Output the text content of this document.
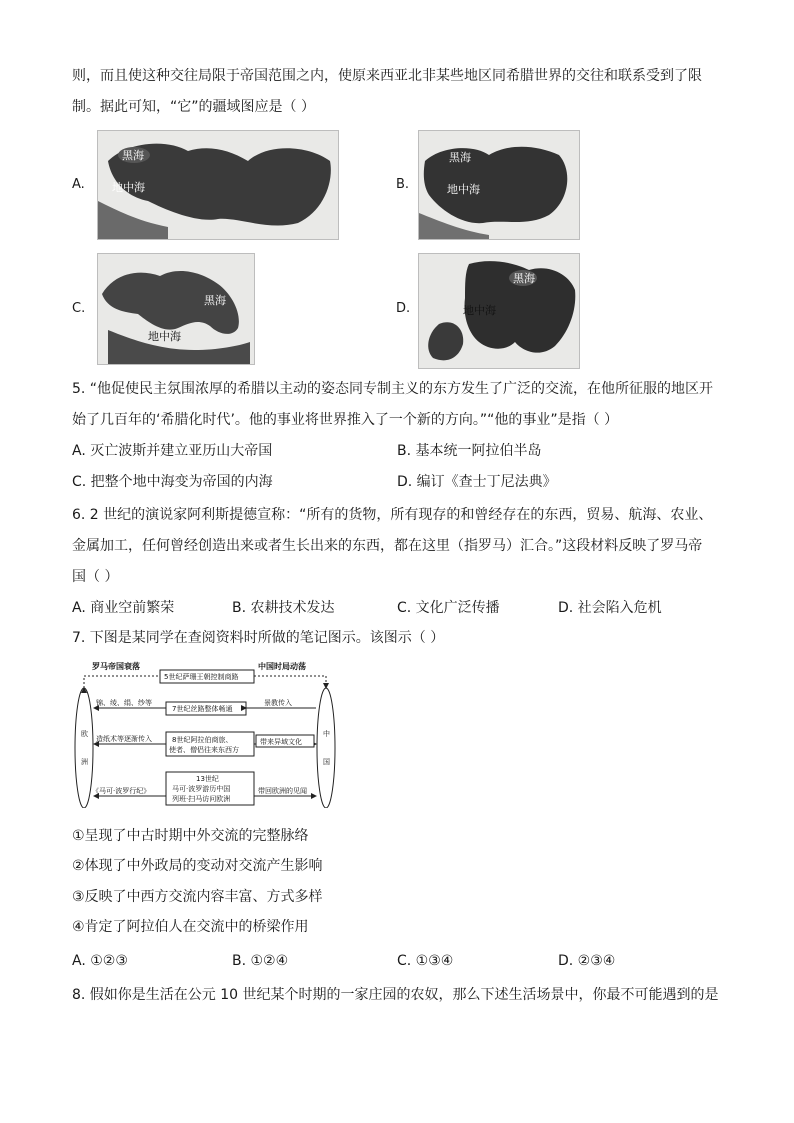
则，而且使这种交往局限于帝国范围之内，使原来西亚北非某些地区同希腊世界的交往和联系受到了限
制。据此可知，“它”的疆域图应是（ ）
A.
黑海
地中海	B.
黑海
地中海
C.
黑海
地中海
D.
黑海
地中海
5. “他促使民主氛围浓厚的希腊以主动的姿态同专制主义的东方发生了广泛的交流，在他所征服的地区开
始了几百年的‘希腊化时代’。他的事业将世界推入了一个新的方向。”“他的事业”是指（ ）
A. 灭亡波斯并建立亚历山大帝国	B. 基本统一阿拉伯半岛
C. 把整个地中海变为帝国的内海	D. 编订《查士丁尼法典》
6. 2 世纪的演说家阿利斯提德宣称：“所有的货物，所有现存的和曾经存在的东西，贸易、航海、农业、
金属加工，任何曾经创造出来或者生长出来的东西，都在这里（指罗马）汇合。”这段材料反映了罗马帝
国（ ）
A. 商业空前繁荣	B. 农耕技术发达	C. 文化广泛传播	D. 社会陷入危机
7. 下图是某同学在查阅资料时所做的笔记图示。该图示（ ）
罗马帝国衰落	中国时局动荡
欧
洲
中
国
5世纪萨珊王朝控制商路
7世纪丝路整体畅通
8世纪阿拉伯商旅、
使者、僧侣往来东西方
13世纪
马可·波罗游历中国
列班·扫马访问欧洲
锦、绫、绢、纱等	景教传入
造纸术等逐渐传入	带来异域文化
《马可·波罗行纪》	带回欧洲的见闻
①呈现了中古时期中外交流的完整脉络
②体现了中外政局的变动对交流产生影响
③反映了中西方交流内容丰富、方式多样
④肯定了阿拉伯人在交流中的桥梁作用
A. ①②③	B. ①②④	C. ①③④	D. ②③④
8. 假如你是生活在公元 10 世纪某个时期的一家庄园的农奴，那么下述生活场景中，你最不可能遇到的是
